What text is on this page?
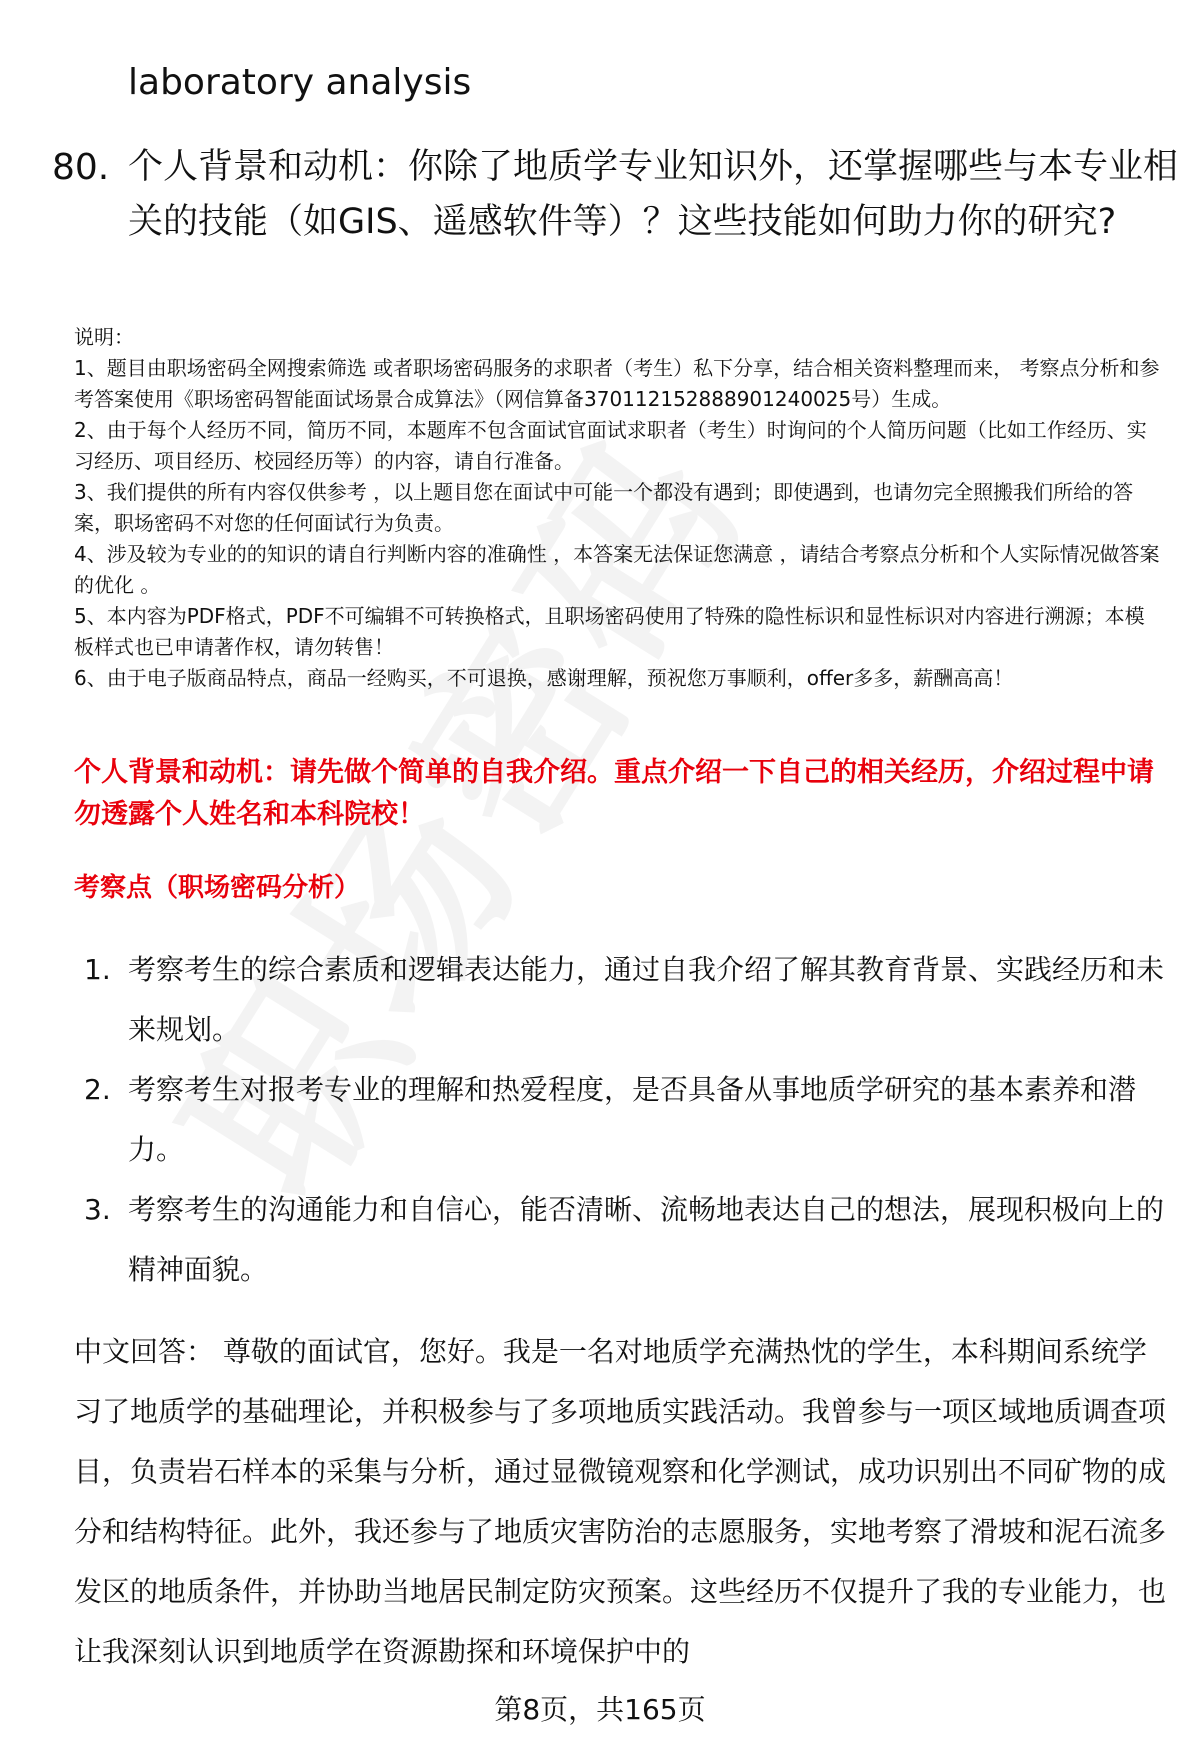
laboratory analysis
80. 个人背景和动机：你除了地质学专业知识外，还掌握哪些与本专业相关的技能（如GIS、遥感软件等）？这些技能如何助力你的研究?

说明：

1、题目由职场密码全网搜索筛选 或者职场密码服务的求职者（考生）私下分享，结合相关资料整理而来， 考察点分析和参考答案使用《职场密码智能面试场景合成算法》（网信算备370112152888901240025号）生成。

2、由于每个人经历不同，简历不同，本题库不包含面试官面试求职者（考生）时询问的个人简历问题（比如工作经历、实习经历、项目经历、校园经历等）的内容，请自行准备。

3、我们提供的所有内容仅供参考 ，以上题目您在面试中可能一个都没有遇到；即使遇到，也请勿完全照搬我们所给的答案，职场密码不对您的任何面试行为负责。

4、涉及较为专业的的知识的请自行判断内容的准确性 ，本答案无法保证您满意 ，请结合考察点分析和个人实际情况做答案的优化 。

5、本内容为PDF格式，PDF不可编辑不可转换格式，且职场密码使用了特殊的隐性标识和显性标识对内容进行溯源；本模板样式也已申请著作权，请勿转售！

6、由于电子版商品特点，商品一经购买，不可退换，感谢理解，预祝您万事顺利，offer多多，薪酬高高！

个人背景和动机：请先做个简单的自我介绍。重点介绍一下自己的相关经历，介绍过程中请勿透露个人姓名和本科院校！
考察点（职场密码分析）
1. 考察考生的综合素质和逻辑表达能力，通过自我介绍了解其教育背景、实践经历和未来规划。
2. 考察考生对报考专业的理解和热爱程度，是否具备从事地质学研究的基本素养和潜力。
3. 考察考生的沟通能力和自信心，能否清晰、流畅地表达自己的想法，展现积极向上的精神面貌。
中文回答： 尊敬的面试官，您好。我是一名对地质学充满热忱的学生，本科期间系统学习了地质学的基础理论，并积极参与了多项地质实践活动。我曾参与一项区域地质调查项目，负责岩石样本的采集与分析，通过显微镜观察和化学测试，成功识别出不同矿物的成分和结构特征。此外，我还参与了地质灾害防治的志愿服务，实地考察了滑坡和泥石流多发区的地质条件，并协助当地居民制定防灾预案。这些经历不仅提升了我的专业能力，也让我深刻认识到地质学在资源勘探和环境保护中的
第8页，共165页
